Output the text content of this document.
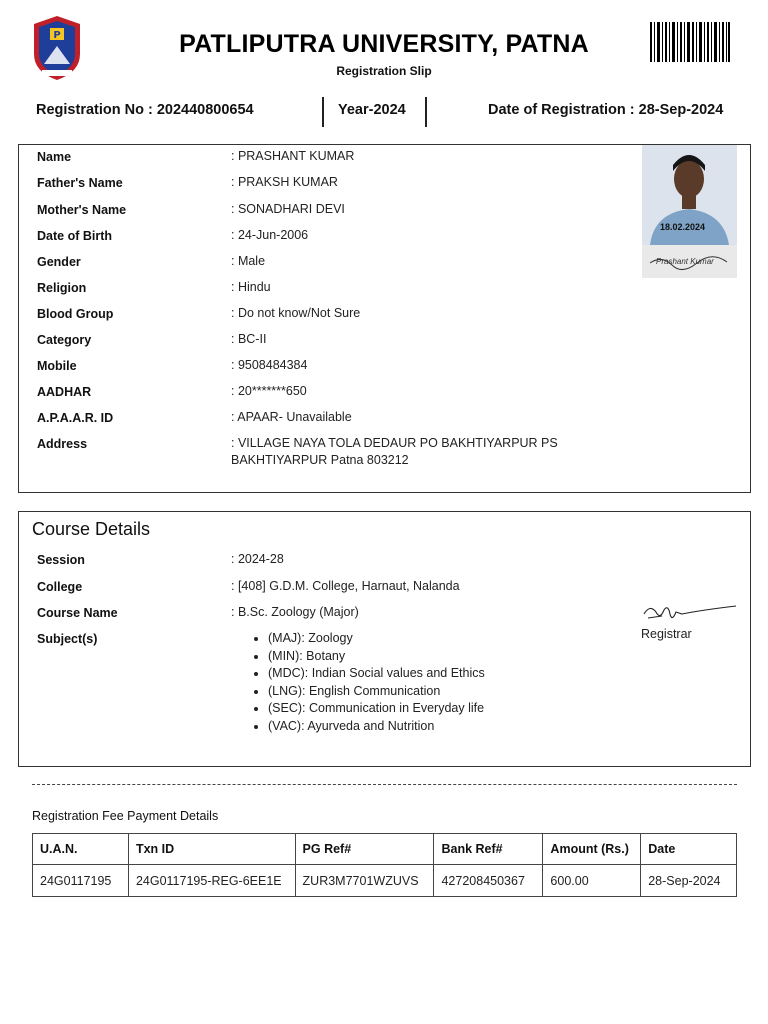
P	PATLIPUTRA UNIVERSITY, PATNA
Registration Slip
Registration No : 202440800654	Year-2024	Date of Registration : 28-Sep-2024
Name	: PRASHANT KUMAR
Father's Name	: PRAKSH KUMAR
Mother's Name	: SONADHARI DEVI
Date of Birth	: 24-Jun-2006
Gender	: Male
Religion	: Hindu
Blood Group	: Do not know/Not Sure
Category	: BC-II
Mobile	: 9508484384
AADHAR	: 20*******650
A.P.A.A.R. ID	: APAAR- Unavailable
Address	: VILLAGE NAYA TOLA DEDAUR PO BAKHTIYARPUR PS
BAKHTIYARPUR Patna 803212
18.02.2024
Prashant Kumar
Course Details
Session	: 2024-28
College	: [408] G.D.M. College, Harnaut, Nalanda
Course Name	: B.Sc. Zoology (Major)
Subject(s)	• (MAJ): Zoology
• (MIN): Botany
• (MDC): Indian Social values and Ethics
• (LNG): English Communication
• (SEC): Communication in Everyday life
• (VAC): Ayurveda and Nutrition
Registrar
Registration Fee Payment Details
U.A.N.	Txn ID	PG Ref#	Bank Ref#	Amount (Rs.)	Date
24G0117195	24G0117195-REG-6EE1E	ZUR3M7701WZUVS	427208450367	600.00	28-Sep-2024
